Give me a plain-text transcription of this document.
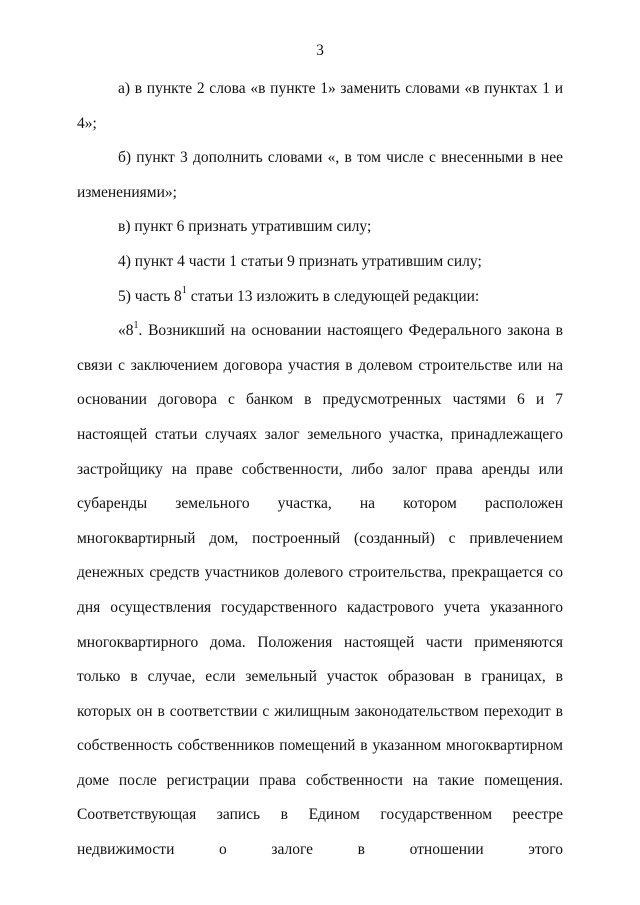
3

а) в пункте 2 слова «в пункте 1» заменить словами «в пунктах 1 и 4»;

б) пункт 3 дополнить словами «, в том числе с внесенными в нее изменениями»;

в) пункт 6 признать утратившим силу;

4) пункт 4 части 1 статьи 9 признать утратившим силу;

5) часть $8^1$ статьи 13 изложить в следующей редакции:

«$8^1$. Возникший на основании настоящего Федерального закона в связи с заключением договора участия в долевом строительстве или на основании договора с банком в предусмотренных частями 6 и 7 настоящей статьи случаях залог земельного участка, принадлежащего застройщику на праве собственности, либо залог права аренды или субаренды земельного участка, на котором расположен многоквартирный дом, построенный (созданный) с привлечением денежных средств участников долевого строительства, прекращается со дня осуществления государственного кадастрового учета указанного многоквартирного дома. Положения настоящей части применяются только в случае, если земельный участок образован в границах, в которых он в соответствии с жилищным законодательством переходит в собственность собственников помещений в указанном многоквартирном доме после регистрации права собственности на такие помещения. Соответствующая запись в Едином государственном реестре недвижимости о залоге в отношении этого
